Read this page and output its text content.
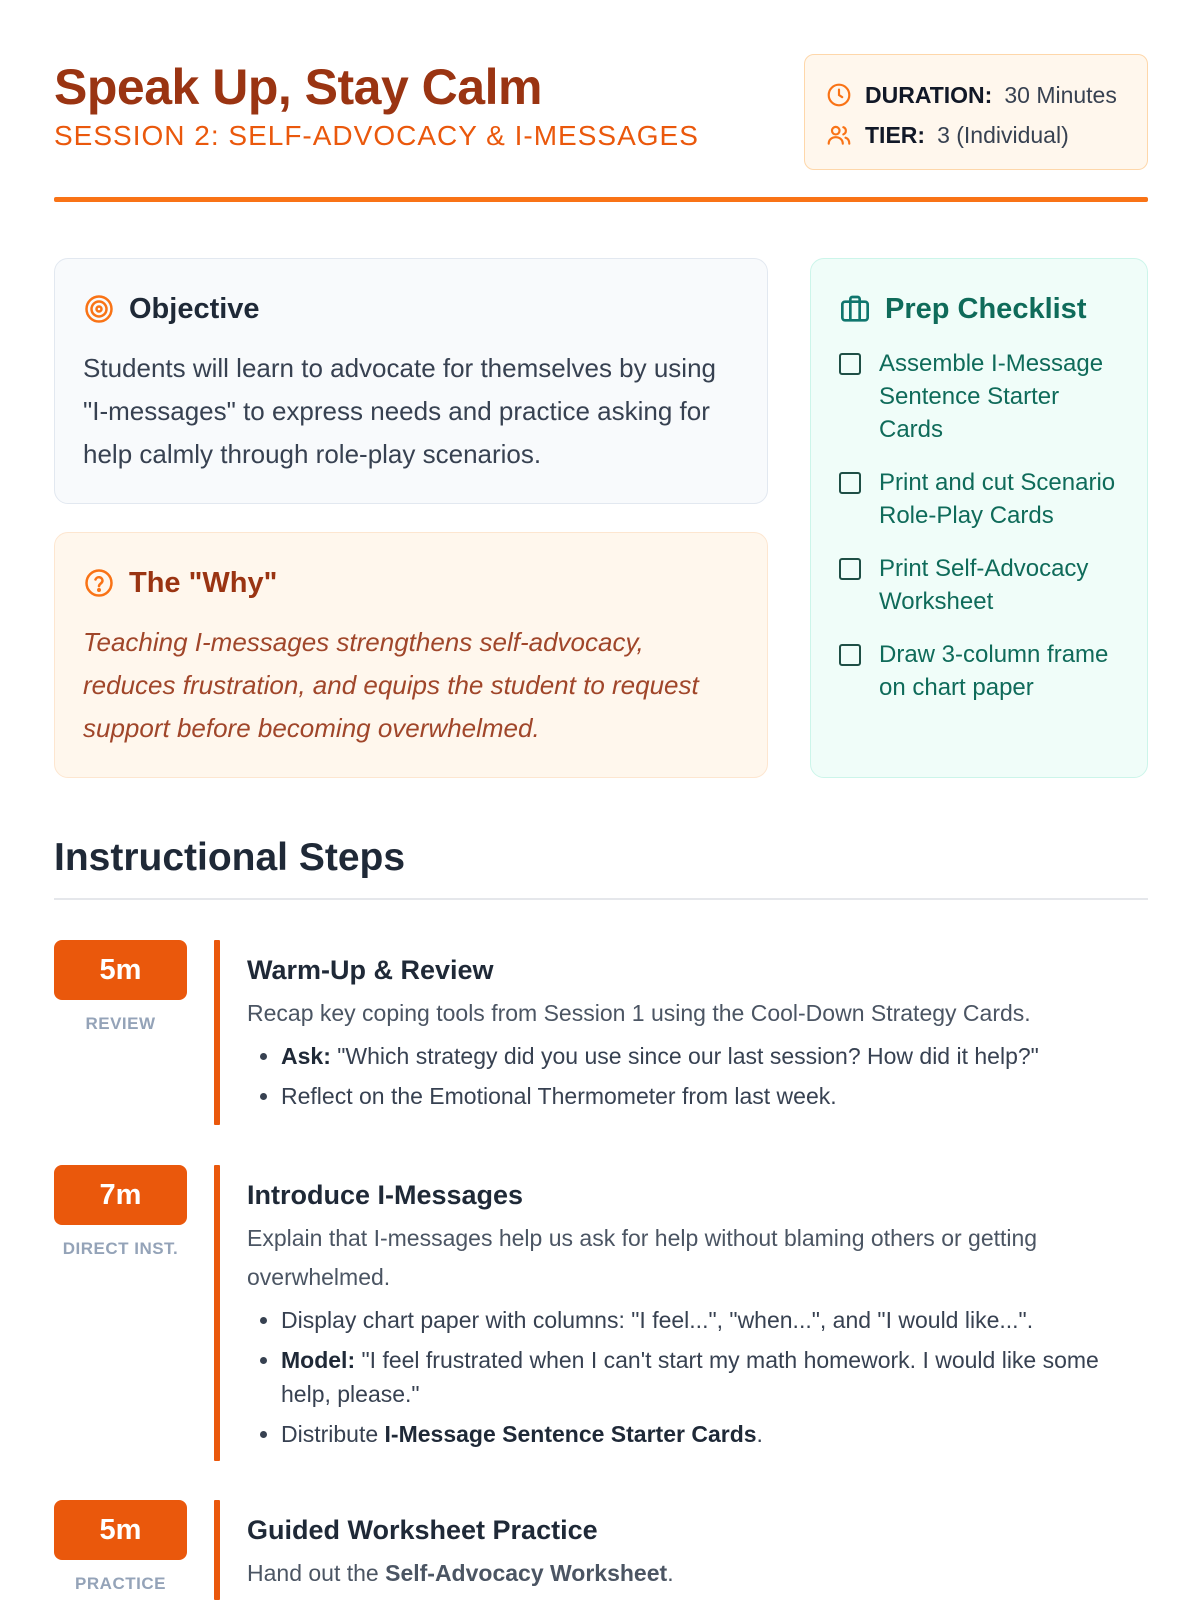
Speak Up, Stay Calm
SESSION 2: SELF-ADVOCACY & I-MESSAGES
DURATION: 30 Minutes
TIER: 3 (Individual)
Objective

Students will learn to advocate for themselves by using "I-messages" to express needs and practice asking for help calmly through role-play scenarios.

The "Why"

Teaching I-messages strengthens self-advocacy, reduces frustration, and equips the student to request support before becoming overwhelmed.

Prep Checklist
Assemble I-Message Sentence Starter Cards
Print and cut Scenario Role-Play Cards
Print Self-Advocacy Worksheet
Draw 3-column frame on chart paper
Instructional Steps
5m
REVIEW
Warm-Up & Review
Recap key coping tools from Session 1 using the Cool-Down Strategy Cards.
• Ask: "Which strategy did you use since our last session? How did it help?"
• Reflect on the Emotional Thermometer from last week.
7m
DIRECT INST.
Introduce I-Messages
Explain that I-messages help us ask for help without blaming others or getting overwhelmed.
• Display chart paper with columns: "I feel...", "when...", and "I would like...".
• Model: "I feel frustrated when I can't start my math homework. I would like some help, please."
• Distribute I-Message Sentence Starter Cards.
5m
PRACTICE
Guided Worksheet Practice
Hand out the Self-Advocacy Worksheet.
